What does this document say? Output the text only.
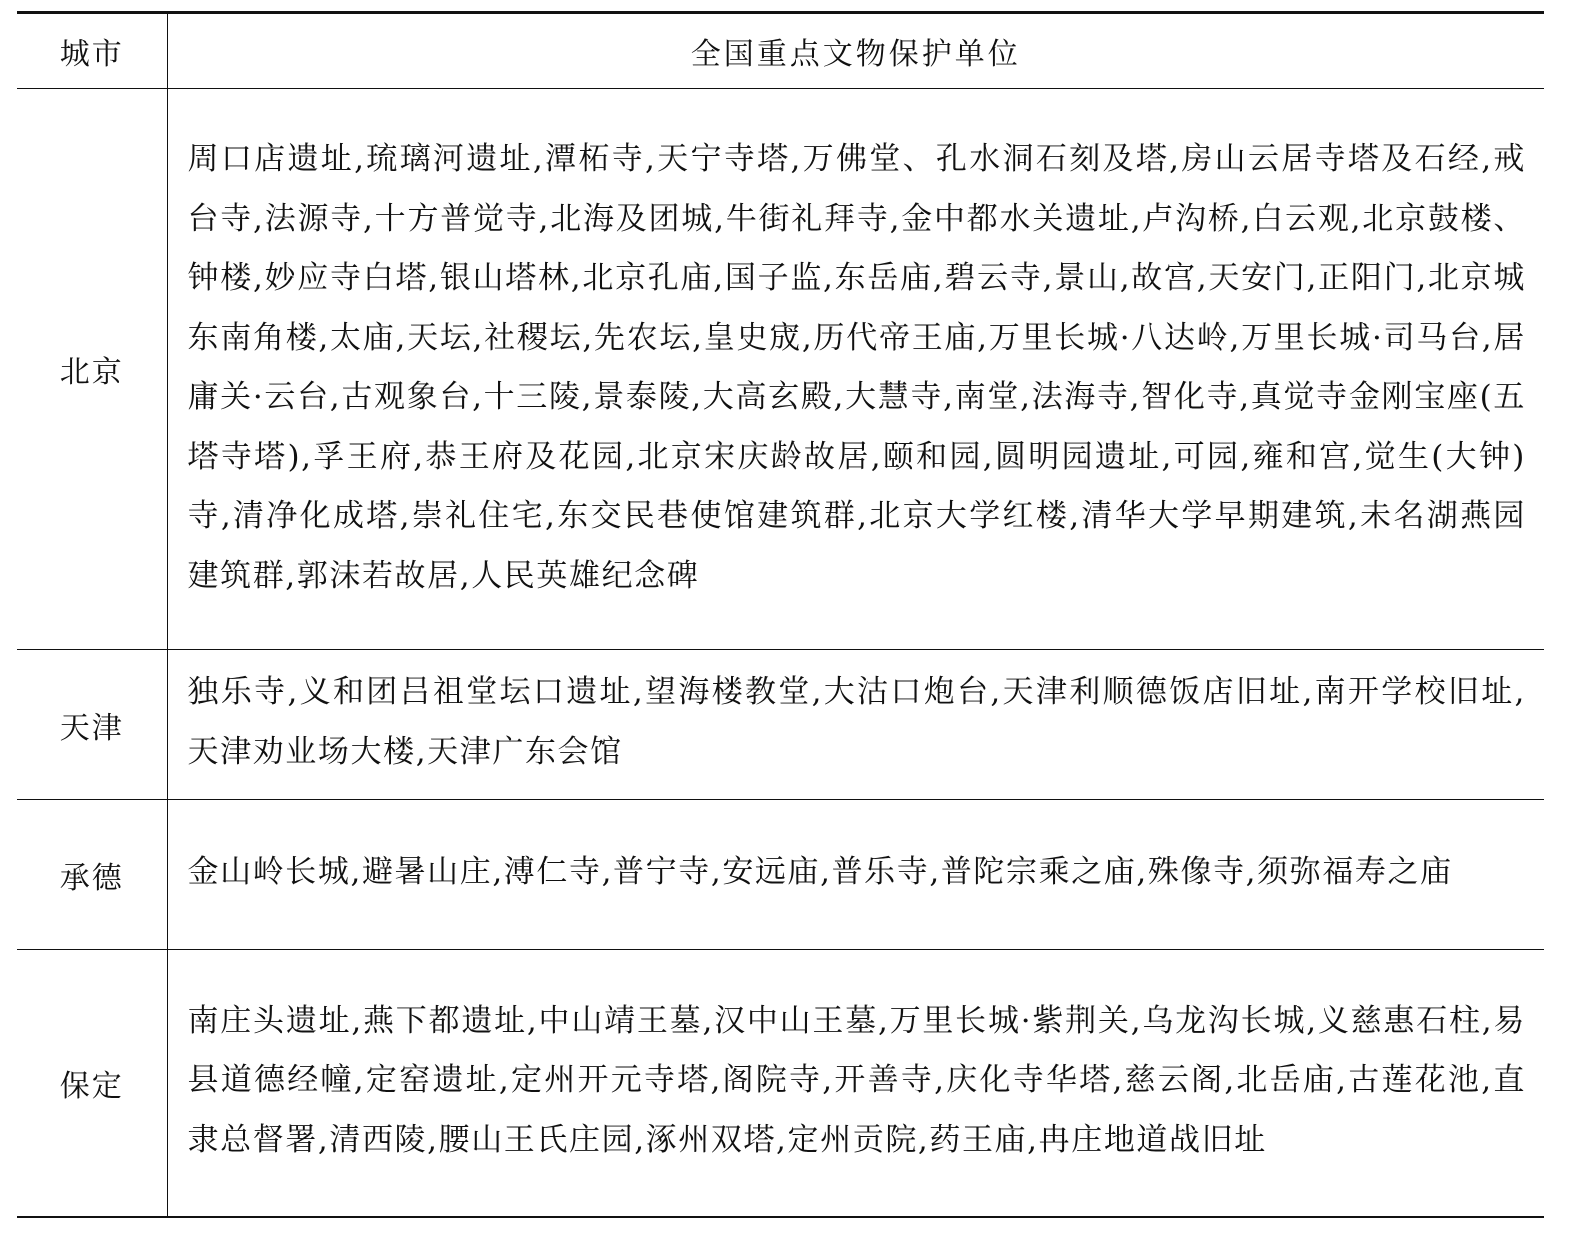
城市	全国重点文物保护单位
北京	周口店遗址,琉璃河遗址,潭柘寺,天宁寺塔,万佛堂、孔水洞石刻及塔,房山云居寺塔及石经,戒台寺,法源寺,十方普觉寺,北海及团城,牛街礼拜寺,金中都水关遗址,卢沟桥,白云观,北京鼓楼、钟楼,妙应寺白塔,银山塔林,北京孔庙,国子监,东岳庙,碧云寺,景山,故宫,天安门,正阳门,北京城东南角楼,太庙,天坛,社稷坛,先农坛,皇史宬,历代帝王庙,万里长城·八达岭,万里长城·司马台,居庸关·云台,古观象台,十三陵,景泰陵,大高玄殿,大慧寺,南堂,法海寺,智化寺,真觉寺金刚宝座(五塔寺塔),孚王府,恭王府及花园,北京宋庆龄故居,颐和园,圆明园遗址,可园,雍和宫,觉生(大钟)寺,清净化成塔,崇礼住宅,东交民巷使馆建筑群,北京大学红楼,清华大学早期建筑,未名湖燕园建筑群,郭沫若故居,人民英雄纪念碑
天津	独乐寺,义和团吕祖堂坛口遗址,望海楼教堂,大沽口炮台,天津利顺德饭店旧址,南开学校旧址,天津劝业场大楼,天津广东会馆
承德	金山岭长城,避暑山庄,溥仁寺,普宁寺,安远庙,普乐寺,普陀宗乘之庙,殊像寺,须弥福寿之庙
保定	南庄头遗址,燕下都遗址,中山靖王墓,汉中山王墓,万里长城·紫荆关,乌龙沟长城,义慈惠石柱,易县道德经幢,定窑遗址,定州开元寺塔,阁院寺,开善寺,庆化寺华塔,慈云阁,北岳庙,古莲花池,直隶总督署,清西陵,腰山王氏庄园,涿州双塔,定州贡院,药王庙,冉庄地道战旧址
